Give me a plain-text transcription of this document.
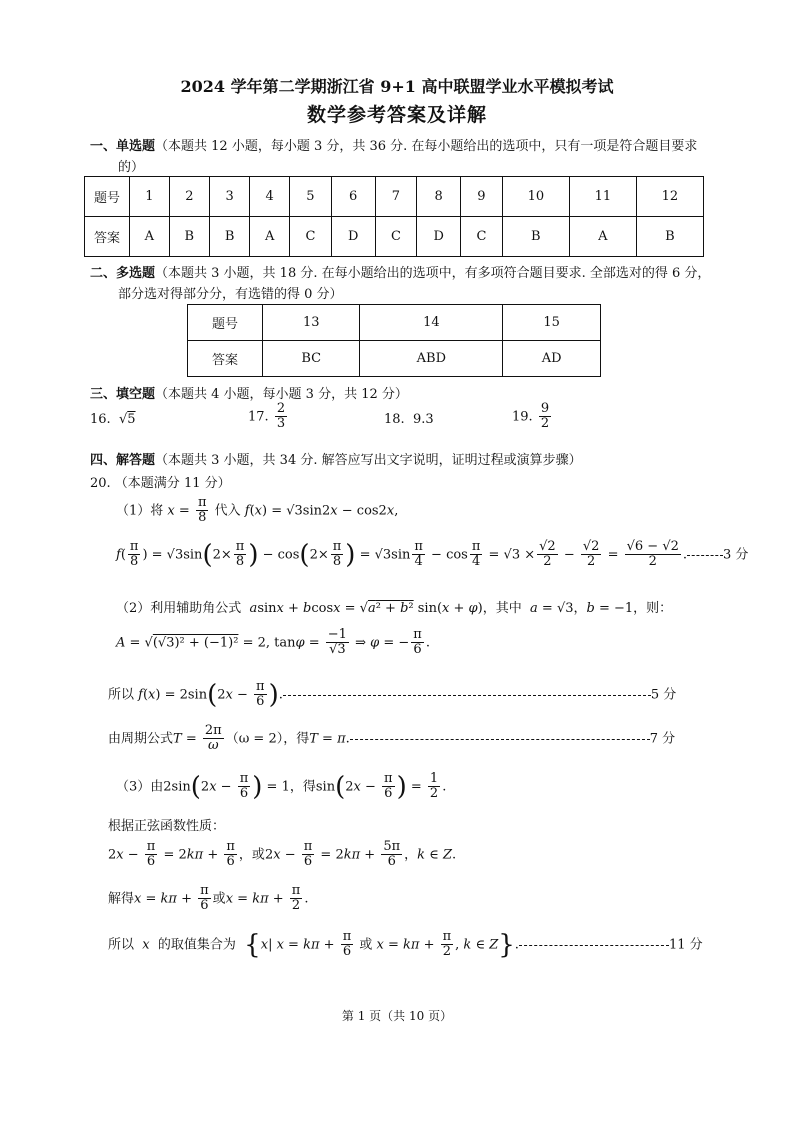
2024 学年第二学期浙江省 9+1 高中联盟学业水平模拟考试
数学参考答案及详解
一、单选题（本题共 12 小题，每小题 3 分，共 36 分. 在每小题给出的选项中，只有一项是符合题目要求
的）
题号	1	2	3	4	5	6	7	8	9	10	11	12
答案	A	B	B	A	C	D	C	D	C	B	A	B
二、多选题（本题共 3 小题，共 18 分. 在每小题给出的选项中，有多项符合题目要求. 全部选对的得 6 分，
部分选对得部分分，有选错的得 0 分）
题号	13	14	15
答案	BC	ABD	AD
三、填空题（本题共 4 小题，每小题 3 分，共 12 分）
16. √5	17. $\frac{2}{3}$	18. 9.3	19. $\frac{9}{2}$
四、解答题（本题共 3 小题，共 34 分. 解答应写出文字说明，证明过程或演算步骤）
20. （本题满分 11 分）
（1）将 $x = \frac{\pi}{8}$ 代入 f(x) = √3sin2x − cos2x,
$f( \frac{\pi}{8}$ ) = $√3\sin(2\times \frac{\pi}{8}$ ) − $\cos(2\times \frac{\pi}{8}$ ) = $√3\sin \frac{\pi}{4} - \cos \frac{\pi}{4} = √3 \times \frac{√2}{2} - \frac{√2}{2} = \frac{√6 - √2}{2}$ .	3 分
（2）利用辅助角公式 asinx + bcosx = √a² + b² sin(x + φ)，其中 a = √3，b = −1，则：
A = √(√3)² + (−1)² = 2, $\tan\varphi = \frac{-1}{√3}$ ⇒ φ = − $\frac{\pi}{6}$ .
所以 $f(x) = 2\sin(2x - \frac{\pi}{6}$ ).	5 分
由周期公式$T = \frac{2\pi}{\omega} (\omega = 2)$，得T = π.	7 分
（3）由$2\sin(2x - \frac{\pi}{6}$ ) = 1，得$\sin(2x - \frac{\pi}{6}$ ) = $\frac{1}{2}$ .
根据正弦函数性质：
$2x - \frac{\pi}{6} = 2k\pi + \frac{\pi}{6}$ ，或$2x - \frac{\pi}{6} = 2k\pi + \frac{5\pi}{6}$ ，k ∈ Z.
解得$x = k\pi + \frac{\pi}{6}$ 或$x = k\pi + \frac{\pi}{2}$ .
所以 x 的取值集合为 {x| $x = k\pi + \frac{\pi}{6}$ 或 $x = k\pi + \frac{\pi}{2}$ , k ∈ Z}.	11 分
第 1 页（共 10 页）
